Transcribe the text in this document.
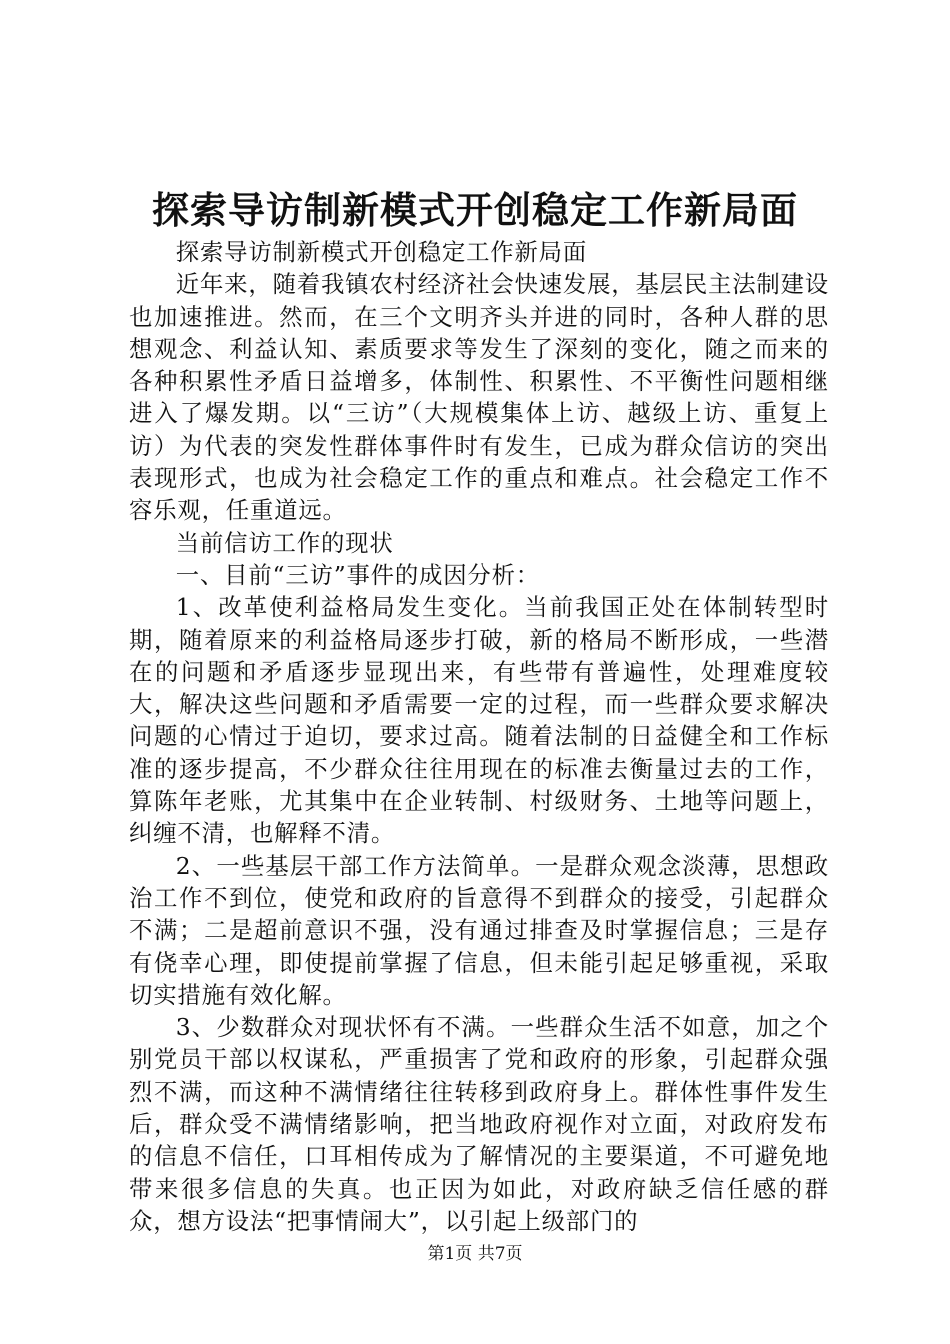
探索导访制新模式开创稳定工作新局面

探索导访制新模式开创稳定工作新局面

近年来，随着我镇农村经济社会快速发展，基层民主法制建设也加速推进。然而，在三个文明齐头并进的同时，各种人群的思想观念、利益认知、素质要求等发生了深刻的变化，随之而来的各种积累性矛盾日益增多，体制性、积累性、不平衡性问题相继进入了爆发期。以“三访”（大规模集体上访、越级上访、重复上访）为代表的突发性群体事件时有发生，已成为群众信访的突出表现形式，也成为社会稳定工作的重点和难点。社会稳定工作不容乐观，任重道远。

当前信访工作的现状

一、目前“三访”事件的成因分析：

1、改革使利益格局发生变化。当前我国正处在体制转型时期，随着原来的利益格局逐步打破，新的格局不断形成，一些潜在的问题和矛盾逐步显现出来，有些带有普遍性，处理难度较大，解决这些问题和矛盾需要一定的过程，而一些群众要求解决问题的心情过于迫切，要求过高。随着法制的日益健全和工作标准的逐步提高，不少群众往往用现在的标准去衡量过去的工作，算陈年老账，尤其集中在企业转制、村级财务、土地等问题上，纠缠不清，也解释不清。

2、一些基层干部工作方法简单。一是群众观念淡薄，思想政治工作不到位，使党和政府的旨意得不到群众的接受，引起群众不满；二是超前意识不强，没有通过排查及时掌握信息；三是存有侥幸心理，即使提前掌握了信息，但未能引起足够重视，采取切实措施有效化解。

3、少数群众对现状怀有不满。一些群众生活不如意，加之个别党员干部以权谋私，严重损害了党和政府的形象，引起群众强烈不满，而这种不满情绪往往转移到政府身上。群体性事件发生后，群众受不满情绪影响，把当地政府视作对立面，对政府发布的信息不信任，口耳相传成为了解情况的主要渠道，不可避免地带来很多信息的失真。也正因为如此，对政府缺乏信任感的群众，想方设法“把事情闹大”，以引起上级部门的

第1页 共7页
